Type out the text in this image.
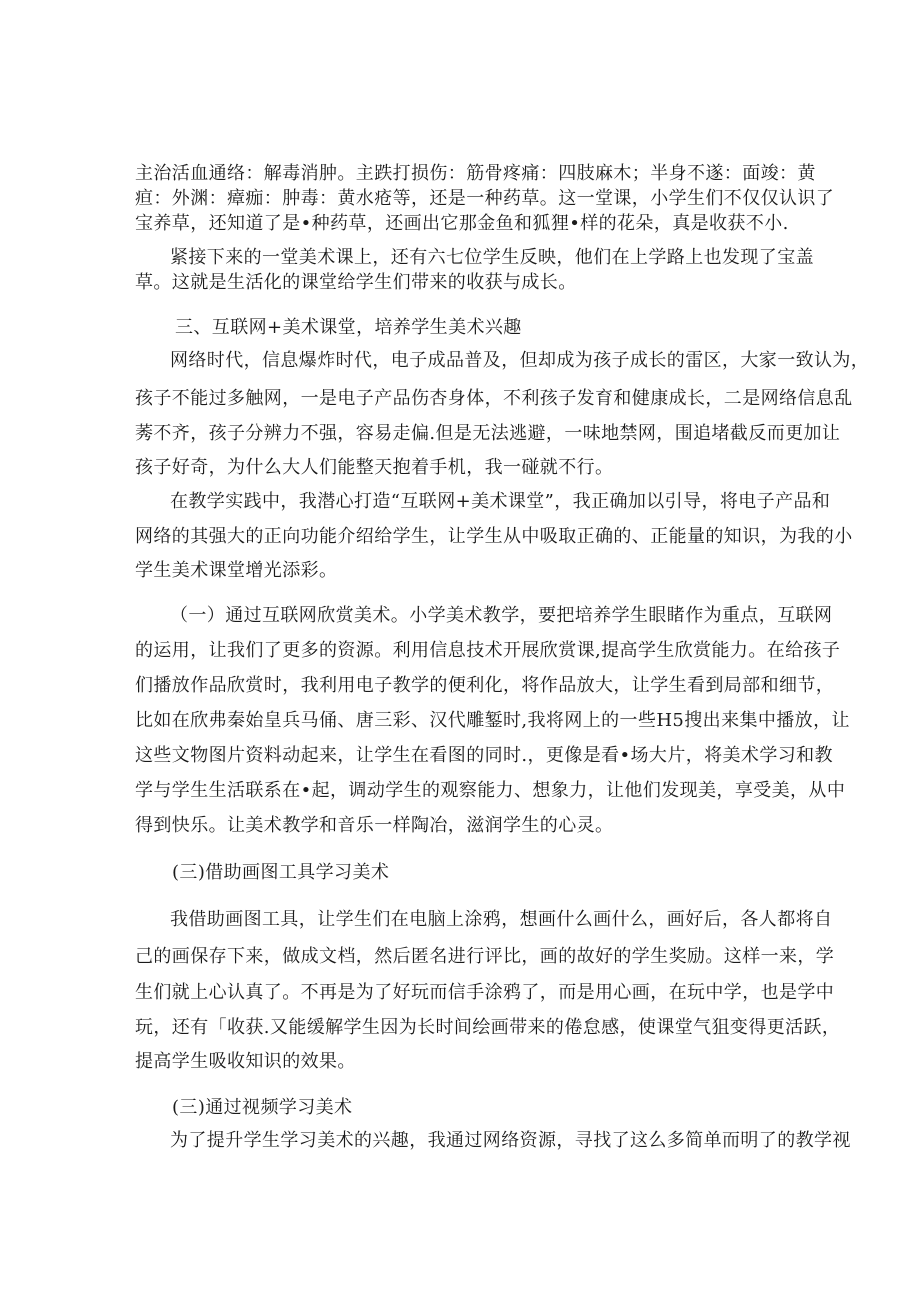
主治活血通络：解毒消肿。主跌打损伤：筋骨疼痛：四肢麻木；半身不遂：面竣：黄
疸：外渊：瘴痂：肿毒：黄水疮等，还是一种药草。这一堂课，小学生们不仅仅认识了
宝养草，还知道了是•种药草，还画出它那金鱼和狐狸•样的花朵，真是收获不小.
紧接下来的一堂美术课上，还有六七位学生反映，他们在上学路上也发现了宝盖
草。这就是生活化的课堂给学生们带来的收获与成长。
三、互联网+美术课堂，培养学生美术兴趣
网络时代，信息爆炸时代，电子成品普及，但却成为孩子成长的雷区，大家一致认为，
孩子不能过多触网，一是电子产品伤杏身体，不利孩子发育和健康成长，二是网络信息乱
莠不齐，孩子分辨力不强，容易走偏.但是无法逃避，一味地禁网，围追堵截反而更加让
孩子好奇，为什么大人们能整天抱着手机，我一碰就不行。
在教学实践中，我潜心打造“互联网+美术课堂”，我正确加以引导，将电子产品和
网络的其强大的正向功能介绍给学生，让学生从中吸取正确的、正能量的知识，为我的小
学生美术课堂增光添彩。
（一）通过互联网欣赏美术。小学美术教学，要把培养学生眼睹作为重点，互联网
的运用，让我们了更多的资源。利用信息技术开展欣赏课,提高学生欣赏能力。在给孩子
们播放作品欣赏时，我利用电子教学的便利化，将作品放大，让学生看到局部和细节，
比如在欣弗秦始皇兵马俑、唐三彩、汉代雕錾时,我将网上的一些H5搜出来集中播放，让
这些文物图片资料动起来，让学生在看图的同时.，更像是看•场大片，将美术学习和教
学与学生生活联系在•起，调动学生的观察能力、想象力，让他们发现美，享受美，从中
得到快乐。让美术教学和音乐一样陶冶，滋润学生的心灵。
(三)借助画图工具学习美术
我借助画图工具，让学生们在电脑上涂鸦，想画什么画什么，画好后，各人都将自
己的画保存下来，做成文档，然后匿名进行评比，画的故好的学生奖励。这样一来，学
生们就上心认真了。不再是为了好玩而信手涂鸦了，而是用心画，在玩中学，也是学中
玩，还有「收获.又能缓解学生因为长时间绘画带来的倦怠感，使课堂气狙变得更活跃，
提高学生吸收知识的效果。
(三)通过视频学习美术
为了提升学生学习美术的兴趣，我通过网络资源，寻找了这么多简单而明了的教学视
